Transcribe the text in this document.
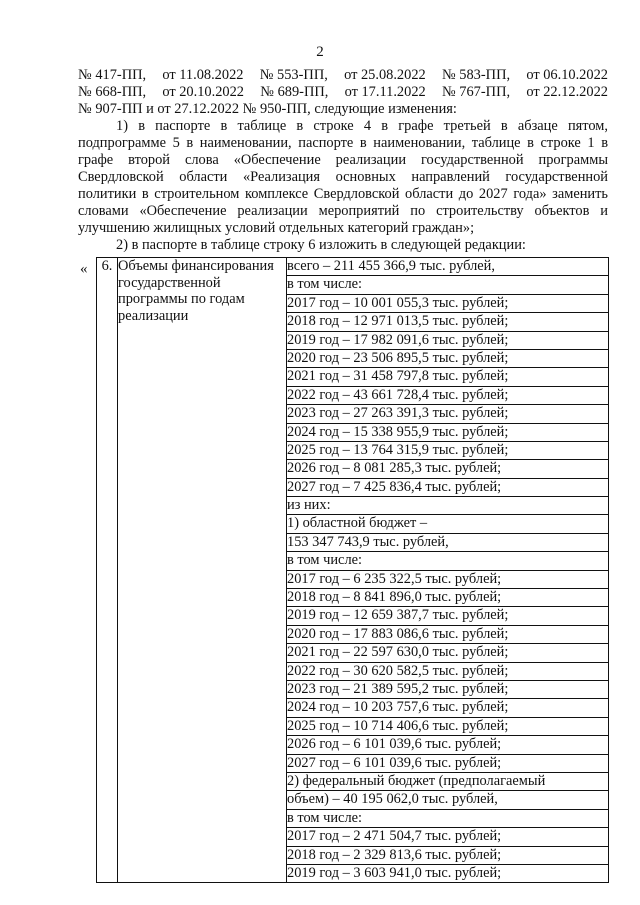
2
№ 417-ПП, от 11.08.2022 № 553-ПП, от 25.08.2022 № 583-ПП, от 06.10.2022
№ 668-ПП, от 20.10.2022 № 689-ПП, от 17.11.2022 № 767-ПП, от 22.12.2022

№ 907-ПП и от 27.12.2022 № 950-ПП, следующие изменения:

1) в паспорте в таблице в строке 4 в графе третьей в абзаце пятом, подпрограмме 5 в наименовании, паспорте в наименовании, таблице в строке 1 в графе второй слова «Обеспечение реализации государственной программы Свердловской области «Реализация основных направлений государственной политики в строительном комплексе Свердловской области до 2027 года» заменить словами «Обеспечение реализации мероприятий по строительству объектов и улучшению жилищных условий отдельных категорий граждан»;

2) в паспорте в таблице строку 6 изложить в следующей редакции:

« 6.	Объемы финансирования государственной программы по годам реализации	
всего – 211 455 366,9 тыс. рублей,
в том числе:
2017 год – 10 001 055,3 тыс. рублей;
2018 год – 12 971 013,5 тыс. рублей;
2019 год – 17 982 091,6 тыс. рублей;
2020 год – 23 506 895,5 тыс. рублей;
2021 год – 31 458 797,8 тыс. рублей;
2022 год – 43 661 728,4 тыс. рублей;
2023 год – 27 263 391,3 тыс. рублей;
2024 год – 15 338 955,9 тыс. рублей;
2025 год – 13 764 315,9 тыс. рублей;
2026 год – 8 081 285,3 тыс. рублей;
2027 год – 7 425 836,4 тыс. рублей;
из них:
1) областной бюджет –
153 347 743,9 тыс. рублей,
в том числе:
2017 год – 6 235 322,5 тыс. рублей;
2018 год – 8 841 896,0 тыс. рублей;
2019 год – 12 659 387,7 тыс. рублей;
2020 год – 17 883 086,6 тыс. рублей;
2021 год – 22 597 630,0 тыс. рублей;
2022 год – 30 620 582,5 тыс. рублей;
2023 год – 21 389 595,2 тыс. рублей;
2024 год – 10 203 757,6 тыс. рублей;
2025 год – 10 714 406,6 тыс. рублей;
2026 год – 6 101 039,6 тыс. рублей;
2027 год – 6 101 039,6 тыс. рублей;
2) федеральный бюджет (предполагаемый
объем) – 40 195 062,0 тыс. рублей,
в том числе:
2017 год – 2 471 504,7 тыс. рублей;
2018 год – 2 329 813,6 тыс. рублей;
2019 год – 3 603 941,0 тыс. рублей;
